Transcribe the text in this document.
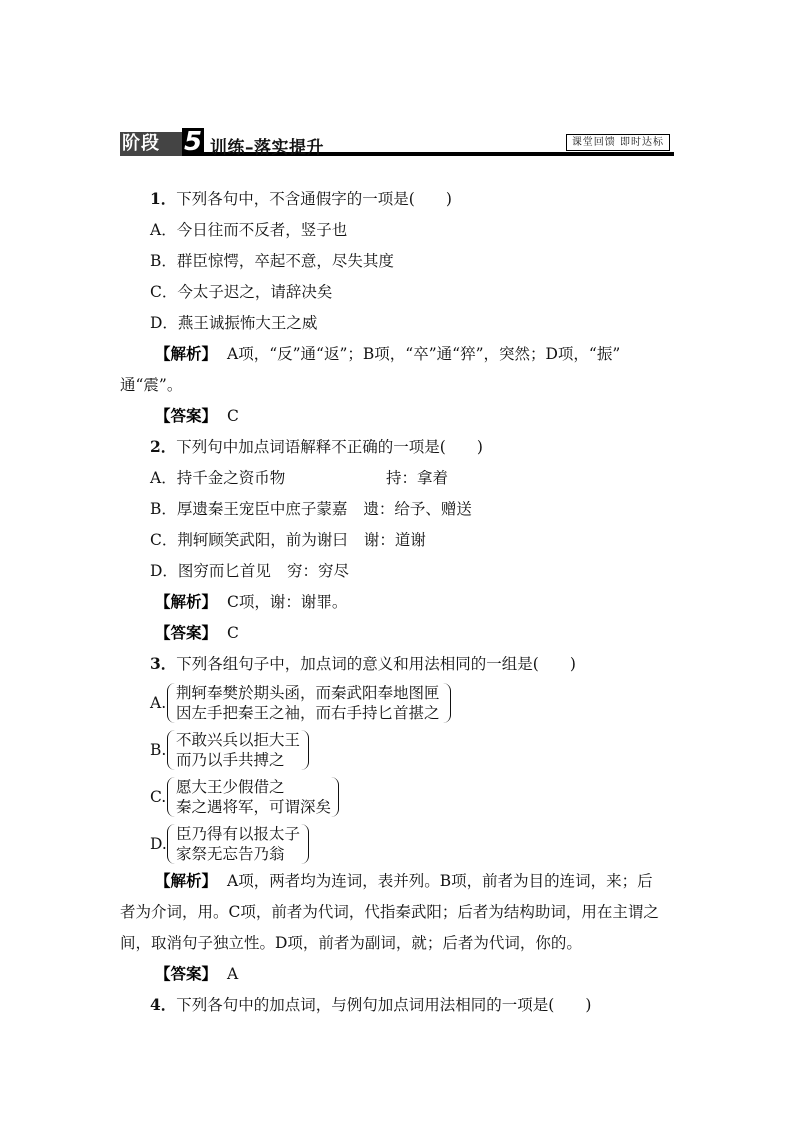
阶段 5 训练–落实提升	课堂回馈 即时达标
1．下列各句中，不含通假字的一项是(　　)
A．今日往而不反者，竖子也
B．群臣惊愕，卒起不意，尽失其度
C．今太子迟之，请辞决矣
D．燕王诚振怖大王之威
【解析】 A项，“反”通“返”；B项，“卒”通“猝”，突然；D项，“振”
通“震”。
【答案】 C
2．下列句中加点词语解释不正确的一项是(　　)
A．持千金之资币物	持：拿着
B．厚遗秦王宠臣中庶子蒙嘉 遗：给予、赠送
C．荆轲顾笑武阳，前为谢曰 谢：道谢
D．图穷而匕首见 穷：穷尽
【解析】 C项，谢：谢罪。
【答案】 C
3．下列各组句子中，加点词的意义和用法相同的一组是(　　)
A.
荆轲奉樊於期头函，而秦武阳奉地图匣
因左手把秦王之袖，而右手持匕首揕之
B.
不敢兴兵以拒大王
而乃以手共搏之
C.
愿大王少假借之
秦之遇将军，可谓深矣
D.
臣乃得有以报太子
家祭无忘告乃翁
【解析】 A项，两者均为连词，表并列。B项，前者为目的连词，来；后
者为介词，用。C项，前者为代词，代指秦武阳；后者为结构助词，用在主谓之
间，取消句子独立性。D项，前者为副词，就；后者为代词，你的。
【答案】 A
4．下列各句中的加点词，与例句加点词用法相同的一项是(　　)
